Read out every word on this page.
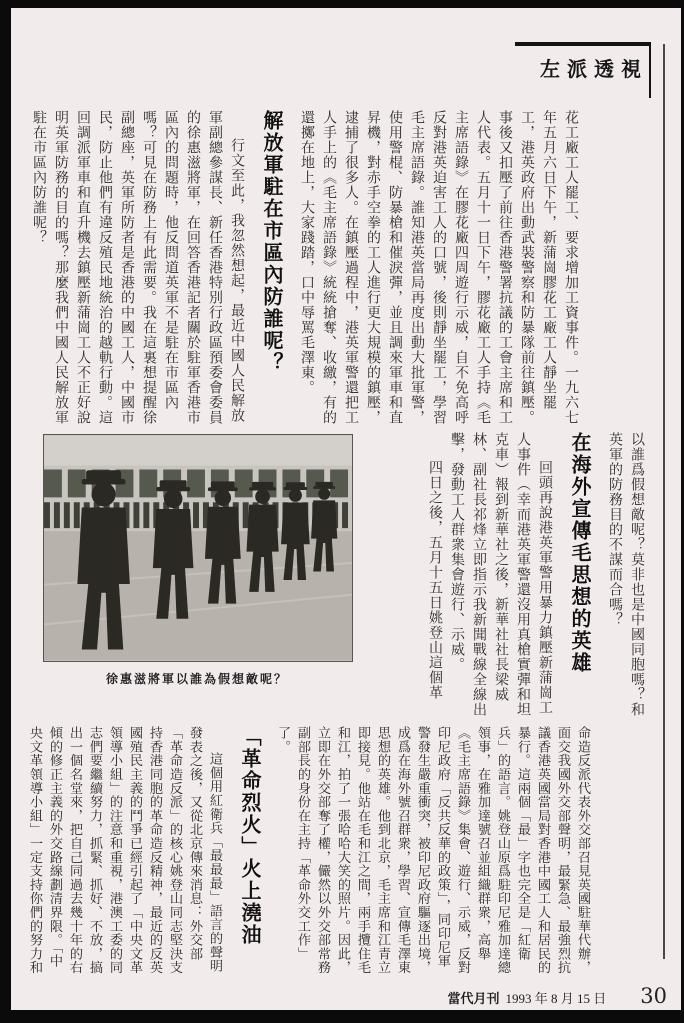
左派透視

花工廠工人罷工、要求增加工資事件。一九六七年五月六日下午，新蒲崗膠花工廠工人靜坐罷工，港英政府出動武裝警察和防暴隊前往鎮壓。事後又扣壓了前往香港警署抗議的工會主席和工人代表。五月十一日下午，膠花廠工人手持《毛主席語錄》在膠花廠四周遊行示威，自不免高呼反對港英迫害工人的口號，後則靜坐罷工，學習毛主席語錄。誰知港英當局再度出動大批軍警，使用警棍、防暴槍和催淚彈，並且調來軍車和直昇機，對赤手空拳的工人進行更大規模的鎮壓，逮捕了很多人。在鎮壓過程中，港英軍警還把工人手上的《毛主席語錄》統統搶奪、收繳，有的還擲在地上，大家踐踏，口中辱罵毛澤東。

解放軍駐在市區內防誰呢？

行文至此，我忽然想起，最近中國人民解放軍副總參謀長、新任香港特別行政區預委會委員的徐惠滋將軍，在回答香港記者關於駐軍香港市區內的問題時，他反問道英軍不是駐在市區內嗎？可見在防務上有此需要。我在這裏想提醒徐副總座，英軍所防者是香港的中國工人，中國市民，防止他們有違反殖民地統治的越軌行動。這回調派軍車和直升機去鎮壓新蒲崗工人不正好說明英軍防務的目的嗎？那麼我們中國人民解放軍駐在市區內防誰呢？

徐惠滋將軍以誰為假想敵呢？	以誰爲假想敵呢？莫非也是中國同胞嗎？和英軍的防務目的不謀而合嗎？

在海外宣傳毛思想的英雄

回頭再說港英軍警用暴力鎮壓新蒲崗工人事件（幸而港英軍警還沒用真槍實彈和坦克車）報到新華社之後，新華社社長梁威林、副社長祁烽立即指示我新聞戰線全線出擊，發動工人群衆集會遊行、示威。

四日之後，五月十五日姚登山這個革

命造反派代表外交部召見英國駐華代辦，面交我國外交部聲明，最緊急、最強烈抗議香港英國當局對香港中國工人和居民的暴行。這兩個「最」字也完全是「紅衛兵」的語言。姚登山原爲駐印尼雅加達總領事，在雅加達號召並組織群衆，高舉《毛主席語錄》集會、遊行、示威，反對印尼政府「反共反華的政策」，同印尼軍警發生嚴重衝突，被印尼政府驅逐出境，成爲在海外號召群衆，學習、宣傳毛澤東思想的英雄。他到北京，毛主席和江青立即接見。他站在毛和江之間，兩手攬住毛和江，拍了一張哈哈大笑的照片。因此，立即在外交部奪了權，儼然以外交部常務副部長的身份在主持「革命外交工作」了。

「革命烈火」火上澆油

這個用紅衛兵「最最最」語言的聲明發表之後，又從北京傳來消息：外交部「革命造反派」的核心姚登山同志堅決支持香港同胞的革命造反精神，最近的反英國殖民主義的鬥爭已經引起了「中央文革領導小組」的注意和重視，港澳工委的同志們要繼續努力，抓緊、抓好、不放，搞出一個名堂來，把自己同過去幾十年的右傾的修正主義的外交路線劃清界限。「中央文革領導小組」一定支持你們的努力和

當代月刊 1993 年 8 月 15 日 30
